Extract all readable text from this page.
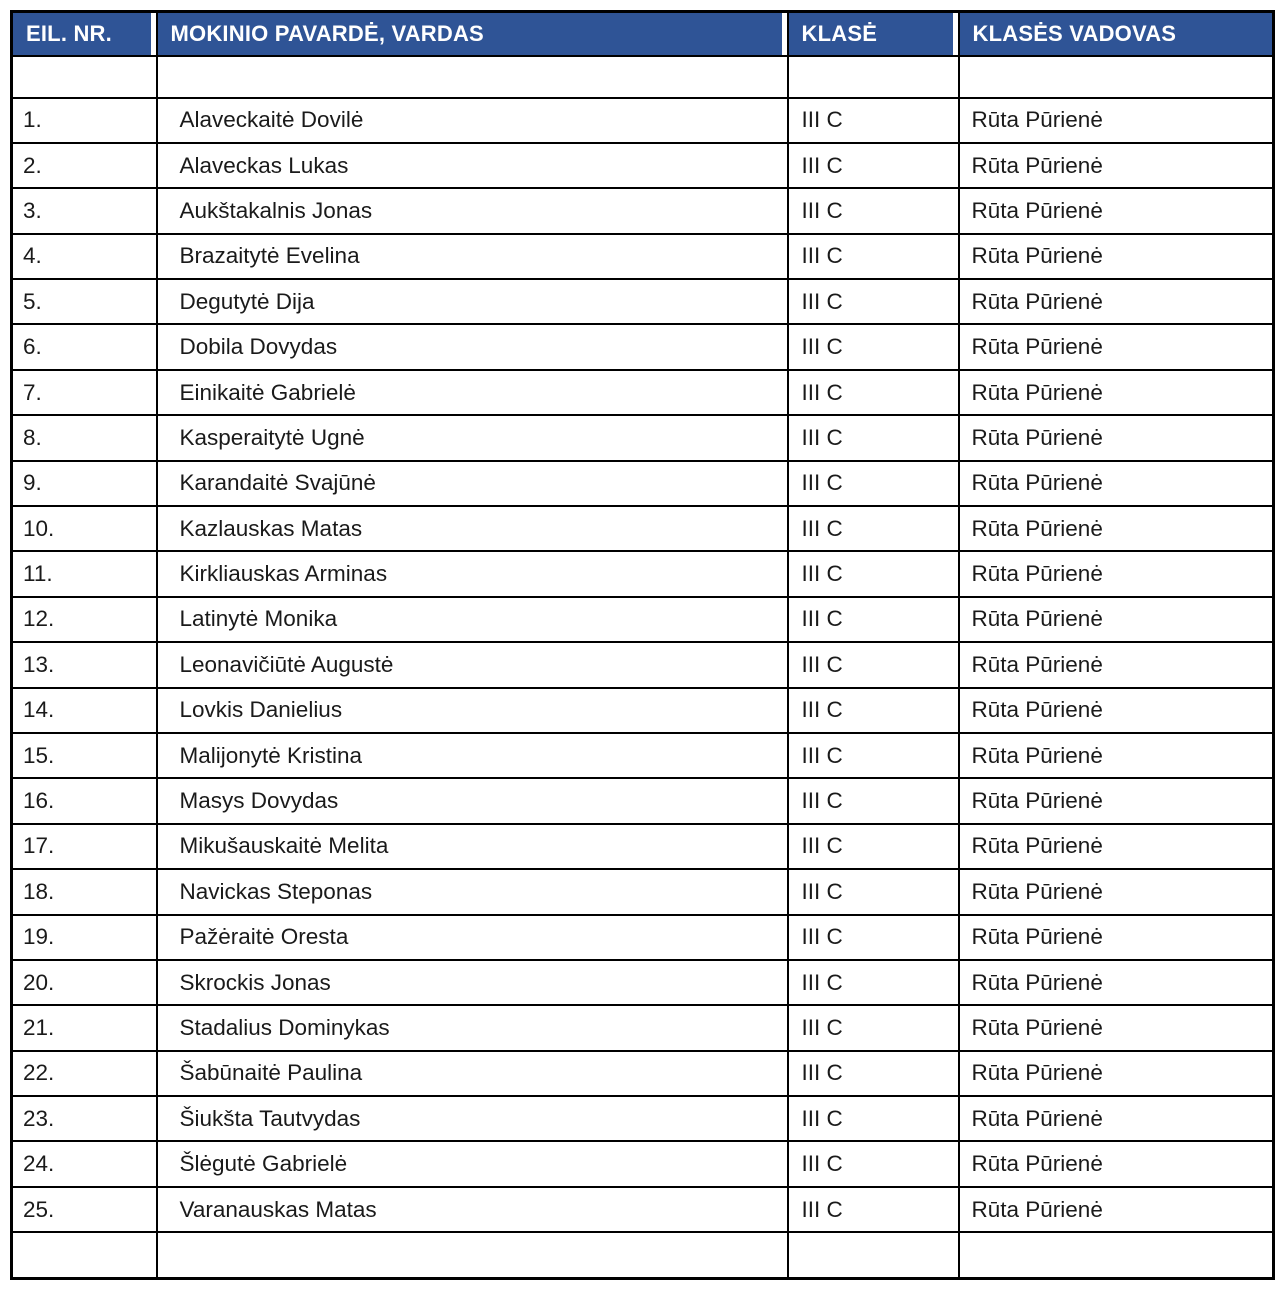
EIL. NR.	MOKINIO PAVARDĖ, VARDAS	KLASĖ	KLASĖS VADOVAS

1.	Alaveckaitė Dovilė	III C	Rūta Pūrienė
2.	Alaveckas Lukas	III C	Rūta Pūrienė
3.	Aukštakalnis Jonas	III C	Rūta Pūrienė
4.	Brazaitytė Evelina	III C	Rūta Pūrienė
5.	Degutytė Dija	III C	Rūta Pūrienė
6.	Dobila Dovydas	III C	Rūta Pūrienė
7.	Einikaitė Gabrielė	III C	Rūta Pūrienė
8.	Kasperaitytė Ugnė	III C	Rūta Pūrienė
9.	Karandaitė Svajūnė	III C	Rūta Pūrienė
10.	Kazlauskas Matas	III C	Rūta Pūrienė
11.	Kirkliauskas Arminas	III C	Rūta Pūrienė
12.	Latinytė Monika	III C	Rūta Pūrienė
13.	Leonavičiūtė Augustė	III C	Rūta Pūrienė
14.	Lovkis Danielius	III C	Rūta Pūrienė
15.	Malijonytė Kristina	III C	Rūta Pūrienė
16.	Masys Dovydas	III C	Rūta Pūrienė
17.	Mikušauskaitė Melita	III C	Rūta Pūrienė
18.	Navickas Steponas	III C	Rūta Pūrienė
19.	Pažėraitė Oresta	III C	Rūta Pūrienė
20.	Skrockis Jonas	III C	Rūta Pūrienė
21.	Stadalius Dominykas	III C	Rūta Pūrienė
22.	Šabūnaitė Paulina	III C	Rūta Pūrienė
23.	Šiukšta Tautvydas	III C	Rūta Pūrienė
24.	Šlėgutė Gabrielė	III C	Rūta Pūrienė
25.	Varanauskas Matas	III C	Rūta Pūrienė
